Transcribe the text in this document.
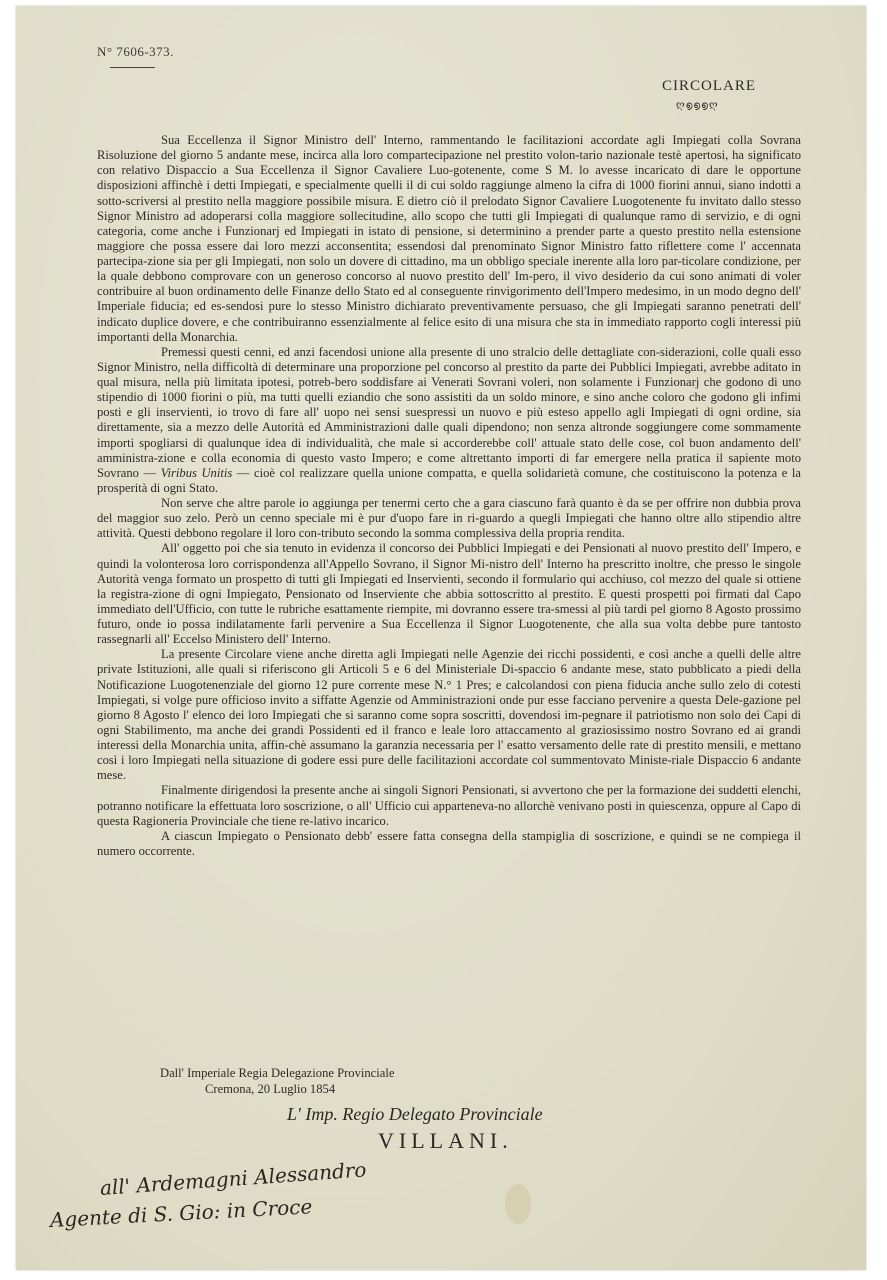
N° 7606-373.
CIRCOLARE
ღ൭൭൭ღ

Sua Eccellenza il Signor Ministro dell' Interno, rammentando le facilitazioni accordate agli Impiegati colla Sovrana Risoluzione del giorno 5 andante mese, incirca alla loro compartecipazione nel prestito volon-tario nazionale testè apertosi, ha significato con relativo Dispaccio a Sua Eccellenza il Signor Cavaliere Luo-gotenente, come S M. lo avesse incaricato di dare le opportune disposizioni affinchè i detti Impiegati, e specialmente quelli il di cui soldo raggiunge almeno la cifra di 1000 fiorini annui, siano indotti a sotto-scriversi al prestito nella maggiore possibile misura. E dietro ciò il prelodato Signor Cavaliere Luogotenente fu invitato dallo stesso Signor Ministro ad adoperarsi colla maggiore sollecitudine, allo scopo che tutti gli Impiegati di qualunque ramo di servizio, e di ogni categoria, come anche i Funzionarj ed Impiegati in istato di pensione, si determinino a prender parte a questo prestito nella estensione maggiore che possa essere dai loro mezzi acconsentita; essendosi dal prenominato Signor Ministro fatto riflettere come l' accennata partecipa-zione sia per gli Impiegati, non solo un dovere di cittadino, ma un obbligo speciale inerente alla loro par-ticolare condizione, per la quale debbono comprovare con un generoso concorso al nuovo prestito dell' Im-pero, il vivo desiderio da cui sono animati di voler contribuire al buon ordinamento delle Finanze dello Stato ed al conseguente rinvigorimento dell'Impero medesimo, in un modo degno dell' Imperiale fiducia; ed es-sendosi pure lo stesso Ministro dichiarato preventivamente persuaso, che gli Impiegati saranno penetrati dell' indicato duplice dovere, e che contribuiranno essenzialmente al felice esito di una misura che sta in immediato rapporto cogli interessi più importanti della Monarchia.

Premessi questi cenni, ed anzi facendosi unione alla presente di uno stralcio delle dettagliate con-siderazioni, colle quali esso Signor Ministro, nella difficoltà di determinare una proporzione pel concorso al prestito da parte dei Pubblici Impiegati, avrebbe aditato in qual misura, nella più limitata ipotesi, potreb-bero soddisfare ai Venerati Sovrani voleri, non solamente i Funzionarj che godono di uno stipendio di 1000 fiorini o più, ma tutti quelli eziandio che sono assistiti da un soldo minore, e sino anche coloro che godono gli infimi posti e gli inservienti, io trovo di fare all' uopo nei sensi suespressi un nuovo e più esteso appello agli Impiegati di ogni ordine, sia direttamente, sia a mezzo delle Autorità ed Amministrazioni dalle quali dipendono; non senza altronde soggiungere come sommamente importi spogliarsi di qualunque idea di individualità, che male si accorderebbe coll' attuale stato delle cose, col buon andamento dell' amministra-zione e colla economia di questo vasto Impero; e come altrettanto importi di far emergere nella pratica il sapiente moto Sovrano — Viribus Unitis — cioè col realizzare quella unione compatta, e quella solidarietà comune, che costituiscono la potenza e la prosperità di ogni Stato.

Non serve che altre parole io aggiunga per tenermi certo che a gara ciascuno farà quanto è da se per offrire non dubbia prova del maggior suo zelo. Però un cenno speciale mi è pur d'uopo fare in ri-guardo a quegli Impiegati che hanno oltre allo stipendio altre attività. Questi debbono regolare il loro con-tributo secondo la somma complessiva della propria rendita.

All' oggetto poi che sia tenuto in evidenza il concorso dei Pubblici Impiegati e dei Pensionati al nuovo prestito dell' Impero, e quindi la volonterosa loro corrispondenza all'Appello Sovrano, il Signor Mi-nistro dell' Interno ha prescritto inoltre, che presso le singole Autorità venga formato un prospetto di tutti gli Impiegati ed Inservienti, secondo il formulario qui acchiuso, col mezzo del quale si ottiene la registra-zione di ogni Impiegato, Pensionato od Inserviente che abbia sottoscritto al prestito. E questi prospetti poi firmati dal Capo immediato dell'Ufficio, con tutte le rubriche esattamente riempite, mi dovranno essere tra-smessi al più tardi pel giorno 8 Agosto prossimo futuro, onde io possa indilatamente farli pervenire a Sua Eccellenza il Signor Luogotenente, che alla sua volta debbe pure tantosto rassegnarli all' Eccelso Ministero dell' Interno.

La presente Circolare viene anche diretta agli Impiegati nelle Agenzie dei ricchi possidenti, e così anche a quelli delle altre private Istituzioni, alle quali si riferiscono gli Articoli 5 e 6 del Ministeriale Di-spaccio 6 andante mese, stato pubblicato a piedi della Notificazione Luogotenenziale del giorno 12 pure corrente mese N.° 1 Pres; e calcolandosi con piena fiducia anche sullo zelo di cotesti Impiegati, si volge pure officioso invito a siffatte Agenzie od Amministrazioni onde pur esse facciano pervenire a questa Dele-gazione pel giorno 8 Agosto l' elenco dei loro Impiegati che si saranno come sopra soscritti, dovendosi im-pegnare il patriotismo non solo dei Capi di ogni Stabilimento, ma anche dei grandi Possidenti ed il franco e leale loro attaccamento al graziosissimo nostro Sovrano ed ai grandi interessi della Monarchia unita, affin-chè assumano la garanzia necessaria per l' esatto versamento delle rate di prestito mensili, e mettano così i loro Impiegati nella situazione di godere essi pure delle facilitazioni accordate col summentovato Ministe-riale Dispaccio 6 andante mese.

Finalmente dirigendosi la presente anche ai singoli Signori Pensionati, si avvertono che per la formazione dei suddetti elenchi, potranno notificare la effettuata loro soscrizione, o all' Ufficio cui apparteneva-no allorchè venivano posti in quiescenza, oppure al Capo di questa Ragioneria Provinciale che tiene re-lativo incarico.

A ciascun Impiegato o Pensionato debb' essere fatta consegna della stampiglia di soscrizione, e quindi se ne compiega il numero occorrente.

Dall' Imperiale Regia Delegazione Provinciale
Cremona, 20 Luglio 1854
L' Imp. Regio Delegato Provinciale
VILLANI.
all' Ardemagni Alessandro
Agente di S. Gio: in Croce
